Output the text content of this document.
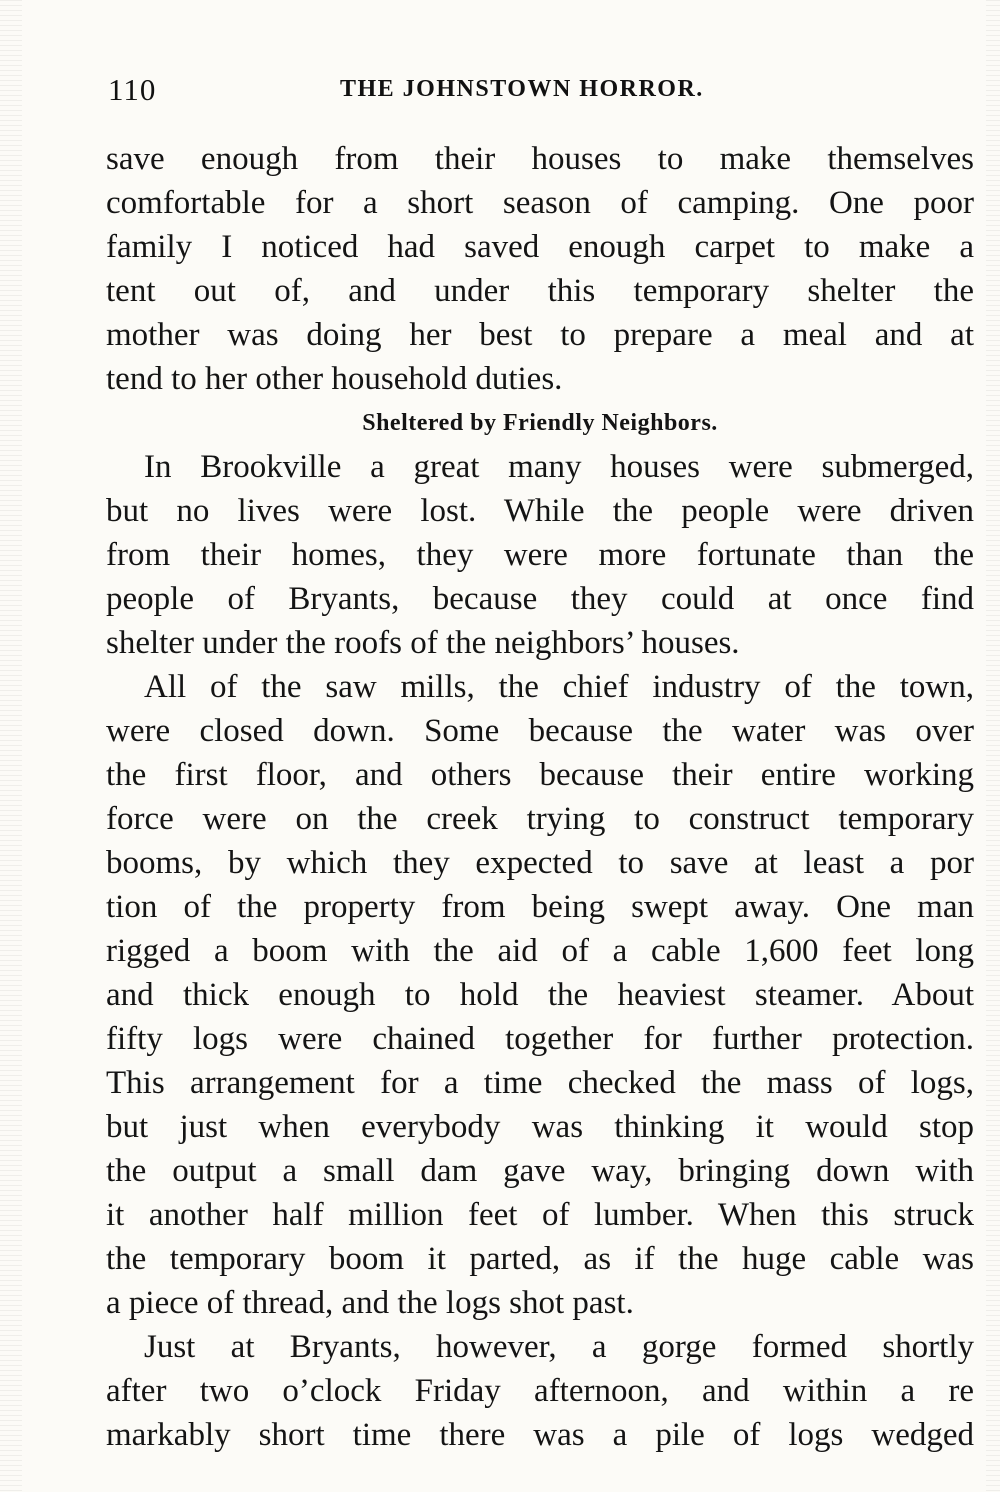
110	THE JOHNSTOWN HORROR.
save enough from their houses to make themselves
comfortable for a short season of camping. One poor
family I noticed had saved enough carpet to make a
tent out of, and under this temporary shelter the
mother was doing her best to prepare a meal and at
tend to her other household duties.
Sheltered by Friendly Neighbors.
In Brookville a great many houses were submerged,
but no lives were lost. While the people were driven
from their homes, they were more fortunate than the
people of Bryants, because they could at once find
shelter under the roofs of the neighbors’ houses.
All of the saw mills, the chief industry of the town,
were closed down. Some because the water was over
the first floor, and others because their entire working
force were on the creek trying to construct temporary
booms, by which they expected to save at least a por
tion of the property from being swept away. One man
rigged a boom with the aid of a cable 1,600 feet long
and thick enough to hold the heaviest steamer. About
fifty logs were chained together for further protection.
This arrangement for a time checked the mass of logs,
but just when everybody was thinking it would stop
the output a small dam gave way, bringing down with
it another half million feet of lumber. When this struck
the temporary boom it parted, as if the huge cable was
a piece of thread, and the logs shot past.
Just at Bryants, however, a gorge formed shortly
after two o’clock Friday afternoon, and within a re
markably short time there was a pile of logs wedged
